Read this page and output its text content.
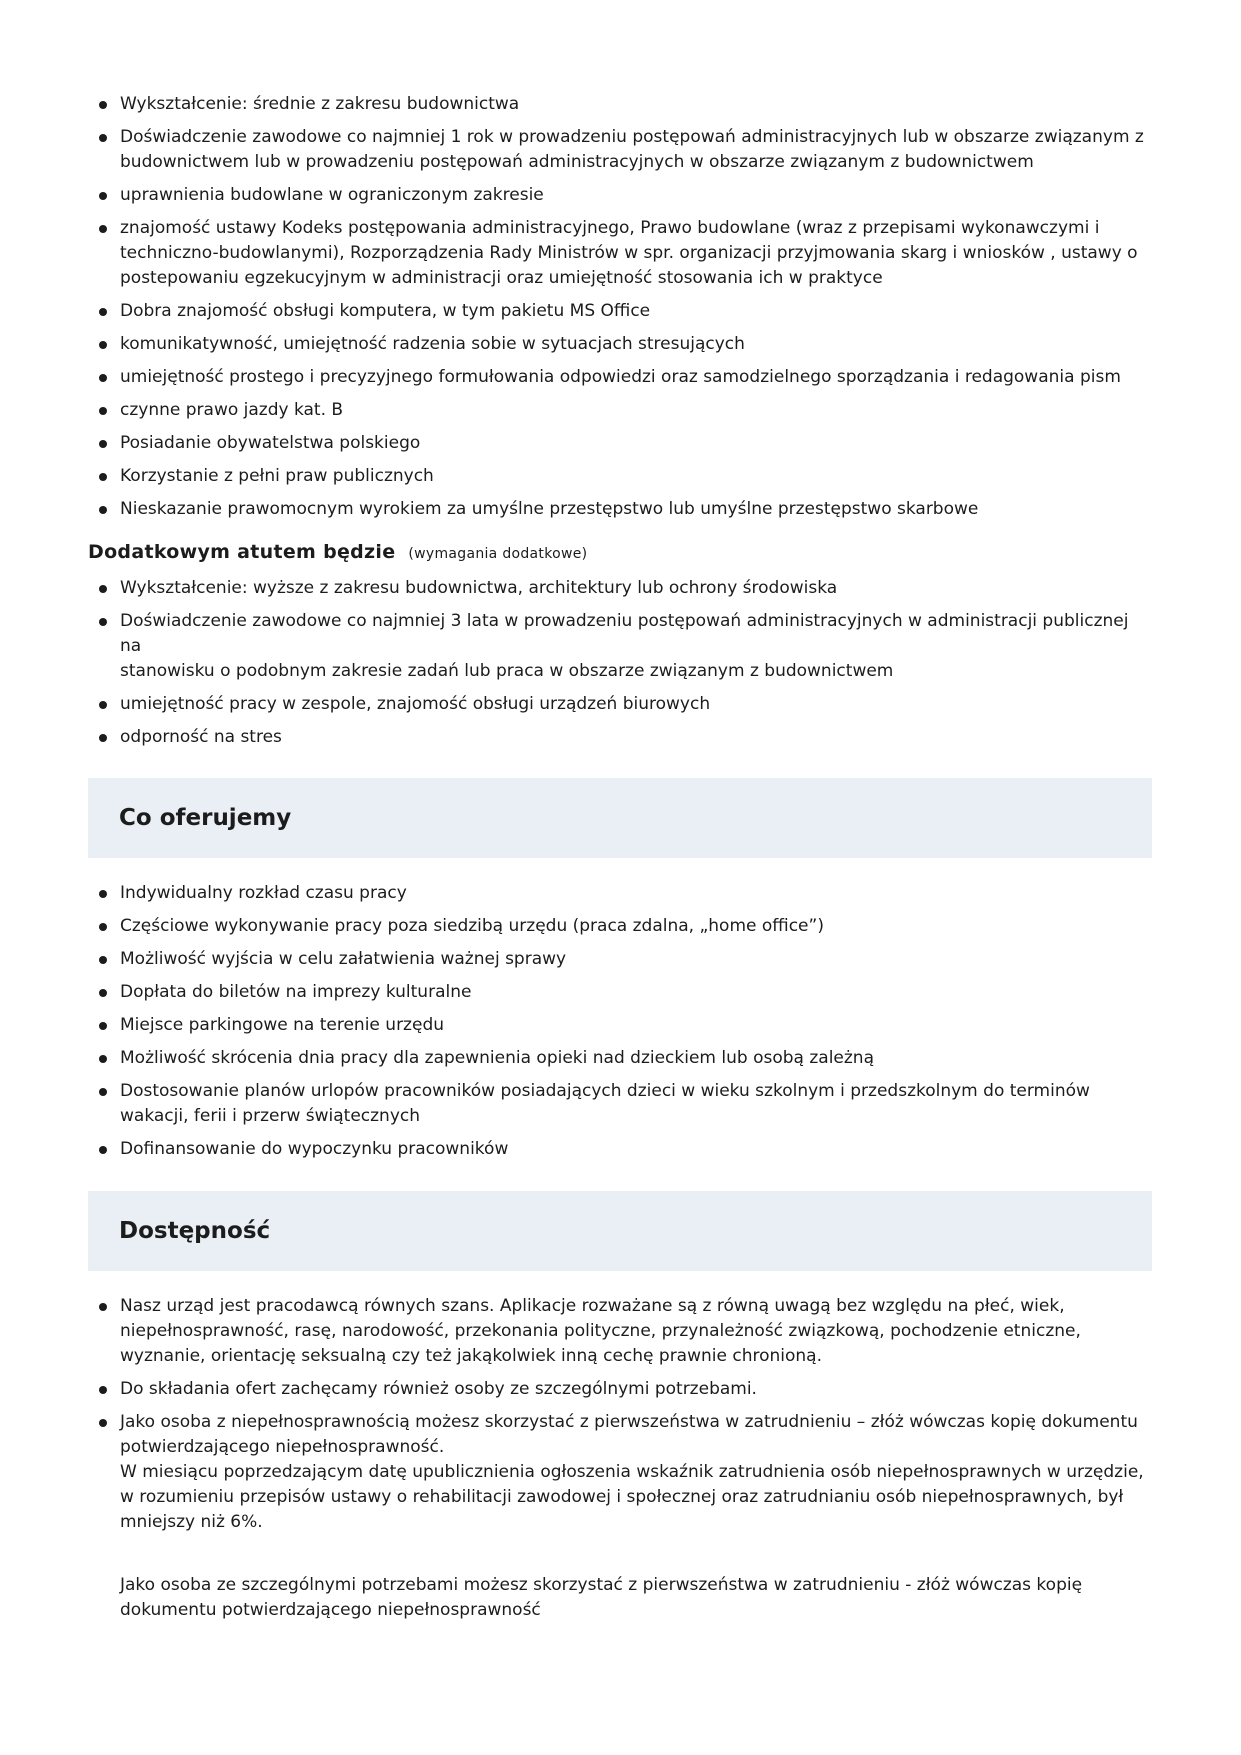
Wykształcenie: średnie z zakresu budownictwa
Doświadczenie zawodowe co najmniej 1 rok w prowadzeniu postępowań administracyjnych lub w obszarze związanym z
budownictwem lub w prowadzeniu postępowań administracyjnych w obszarze związanym z budownictwem
uprawnienia budowlane w ograniczonym zakresie
znajomość ustawy Kodeks postępowania administracyjnego, Prawo budowlane (wraz z przepisami wykonawczymi i
techniczno-budowlanymi), Rozporządzenia Rady Ministrów w spr. organizacji przyjmowania skarg i wniosków , ustawy o
postepowaniu egzekucyjnym w administracji oraz umiejętność stosowania ich w praktyce
Dobra znajomość obsługi komputera, w tym pakietu MS Office
komunikatywność, umiejętność radzenia sobie w sytuacjach stresujących
umiejętność prostego i precyzyjnego formułowania odpowiedzi oraz samodzielnego sporządzania i redagowania pism
czynne prawo jazdy kat. B
Posiadanie obywatelstwa polskiego
Korzystanie z pełni praw publicznych
Nieskazanie prawomocnym wyrokiem za umyślne przestępstwo lub umyślne przestępstwo skarbowe
Dodatkowym atutem będzie (wymagania dodatkowe)
Wykształcenie: wyższe z zakresu budownictwa, architektury lub ochrony środowiska
Doświadczenie zawodowe co najmniej 3 lata w prowadzeniu postępowań administracyjnych w administracji publicznej na
stanowisku o podobnym zakresie zadań lub praca w obszarze związanym z budownictwem
umiejętność pracy w zespole, znajomość obsługi urządzeń biurowych
odporność na stres
Co oferujemy
Indywidualny rozkład czasu pracy
Częściowe wykonywanie pracy poza siedzibą urzędu (praca zdalna, „home office”)
Możliwość wyjścia w celu załatwienia ważnej sprawy
Dopłata do biletów na imprezy kulturalne
Miejsce parkingowe na terenie urzędu
Możliwość skrócenia dnia pracy dla zapewnienia opieki nad dzieckiem lub osobą zależną
Dostosowanie planów urlopów pracowników posiadających dzieci w wieku szkolnym i przedszkolnym do terminów
wakacji, ferii i przerw świątecznych
Dofinansowanie do wypoczynku pracowników
Dostępność
Nasz urząd jest pracodawcą równych szans. Aplikacje rozważane są z równą uwagą bez względu na płeć, wiek,
niepełnosprawność, rasę, narodowość, przekonania polityczne, przynależność związkową, pochodzenie etniczne,
wyznanie, orientację seksualną czy też jakąkolwiek inną cechę prawnie chronioną.
Do składania ofert zachęcamy również osoby ze szczególnymi potrzebami.
Jako osoba z niepełnosprawnością możesz skorzystać z pierwszeństwa w zatrudnieniu – złóż wówczas kopię dokumentu
potwierdzającego niepełnosprawność.
W miesiącu poprzedzającym datę upublicznienia ogłoszenia wskaźnik zatrudnienia osób niepełnosprawnych w urzędzie,
w rozumieniu przepisów ustawy o rehabilitacji zawodowej i społecznej oraz zatrudnianiu osób niepełnosprawnych, był
mniejszy niż 6%.
Jako osoba ze szczególnymi potrzebami możesz skorzystać z pierwszeństwa w zatrudnieniu - złóż wówczas kopię
dokumentu potwierdzającego niepełnosprawność
